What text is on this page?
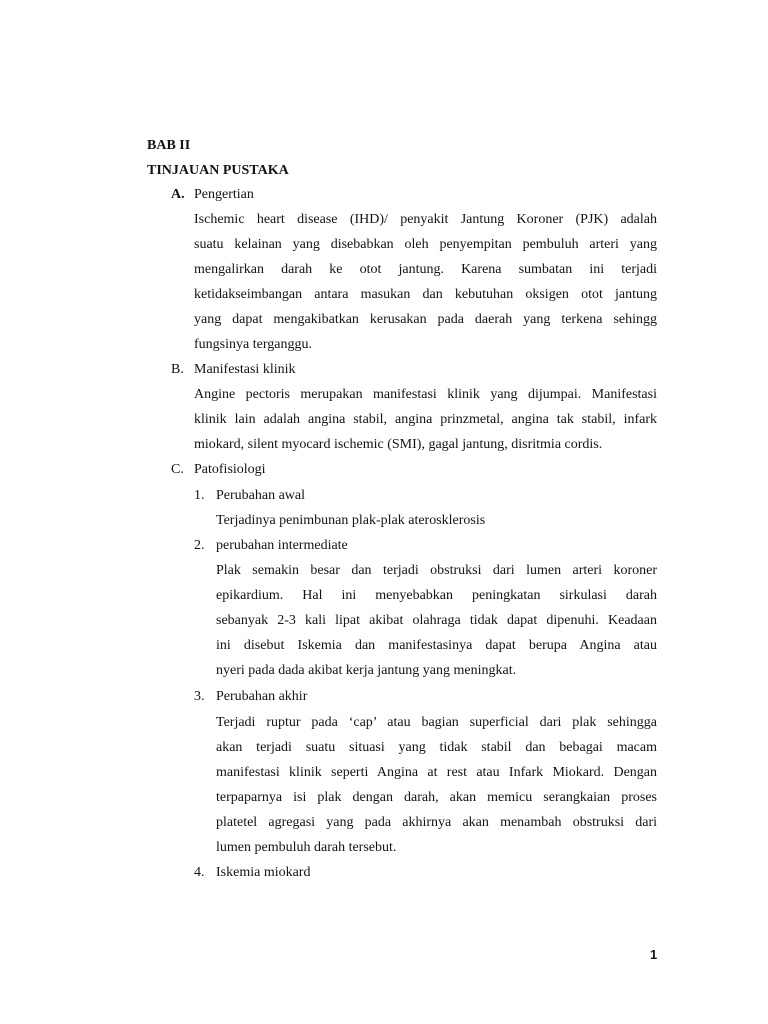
BAB II

TINJAUAN PUSTAKA

A. Pengertian

Ischemic heart disease (IHD)/ penyakit Jantung Koroner (PJK) adalah

suatu kelainan yang disebabkan oleh penyempitan pembuluh arteri yang

mengalirkan darah ke otot jantung. Karena sumbatan ini terjadi

ketidakseimbangan antara masukan dan kebutuhan oksigen otot jantung

yang dapat mengakibatkan kerusakan pada daerah yang terkena sehingg

fungsinya terganggu.

B. Manifestasi klinik

Angine pectoris merupakan manifestasi klinik yang dijumpai. Manifestasi

klinik lain adalah angina stabil, angina prinzmetal, angina tak stabil, infark

miokard, silent myocard ischemic (SMI), gagal jantung, disritmia cordis.

C. Patofisiologi

1. Perubahan awal

Terjadinya penimbunan plak-plak aterosklerosis

2. perubahan intermediate

Plak semakin besar dan terjadi obstruksi dari lumen arteri koroner

epikardium. Hal ini menyebabkan peningkatan sirkulasi darah

sebanyak 2-3 kali lipat akibat olahraga tidak dapat dipenuhi. Keadaan

ini disebut Iskemia dan manifestasinya dapat berupa Angina atau

nyeri pada dada akibat kerja jantung yang meningkat.

3. Perubahan akhir

Terjadi ruptur pada ‘cap’ atau bagian superficial dari plak sehingga

akan terjadi suatu situasi yang tidak stabil dan bebagai macam

manifestasi klinik seperti Angina at rest atau Infark Miokard. Dengan

terpaparnya isi plak dengan darah, akan memicu serangkaian proses

platetel agregasi yang pada akhirnya akan menambah obstruksi dari

lumen pembuluh darah tersebut.

4. Iskemia miokard

1
